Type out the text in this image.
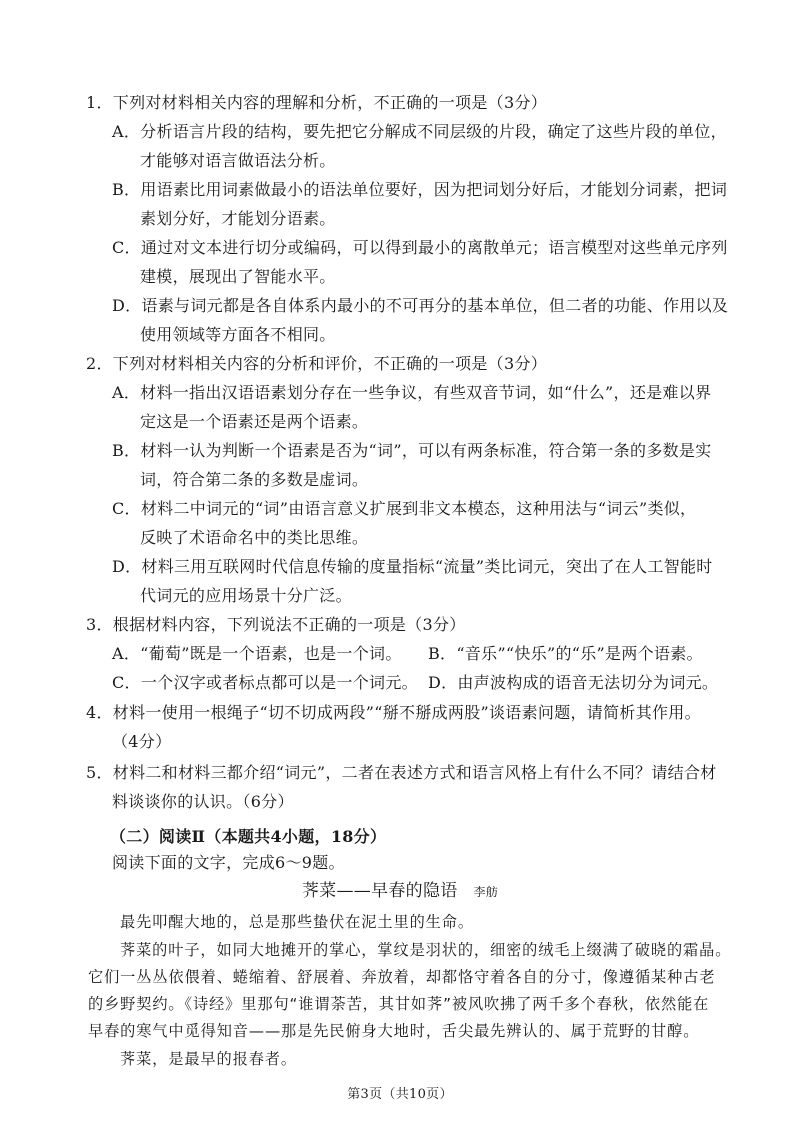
1．下列对材料相关内容的理解和分析，不正确的一项是（3分）
A．分析语言片段的结构，要先把它分解成不同层级的片段，确定了这些片段的单位，
才能够对语言做语法分析。
B．用语素比用词素做最小的语法单位要好，因为把词划分好后，才能划分词素，把词
素划分好，才能划分语素。
C．通过对文本进行切分或编码，可以得到最小的离散单元；语言模型对这些单元序列
建模，展现出了智能水平。
D．语素与词元都是各自体系内最小的不可再分的基本单位，但二者的功能、作用以及
使用领域等方面各不相同。
2．下列对材料相关内容的分析和评价，不正确的一项是（3分）
A．材料一指出汉语语素划分存在一些争议，有些双音节词，如“什么”，还是难以界
定这是一个语素还是两个语素。
B．材料一认为判断一个语素是否为“词”，可以有两条标准，符合第一条的多数是实
词，符合第二条的多数是虚词。
C．材料二中词元的“词”由语言意义扩展到非文本模态，这种用法与“词云”类似，
反映了术语命名中的类比思维。
D．材料三用互联网时代信息传输的度量指标“流量”类比词元，突出了在人工智能时
代词元的应用场景十分广泛。
3．根据材料内容，下列说法不正确的一项是（3分）
A．“葡萄”既是一个语素，也是一个词。 B．“音乐”“快乐”的“乐”是两个语素。
C．一个汉字或者标点都可以是一个词元。 D．由声波构成的语音无法切分为词元。
4．材料一使用一根绳子“切不切成两段”“掰不掰成两股”谈语素问题，请简析其作用。
（4分）
5．材料二和材料三都介绍“词元”，二者在表述方式和语言风格上有什么不同？请结合材
料谈谈你的认识。（6分）
（二）阅读Ⅱ（本题共4小题，18分）
阅读下面的文字，完成6～9题。
荠菜——早春的隐语 李舫
最先叩醒大地的，总是那些蛰伏在泥土里的生命。
荠菜的叶子，如同大地摊开的掌心，掌纹是羽状的，细密的绒毛上缀满了破晓的霜晶。
它们一丛丛依偎着、蜷缩着、舒展着、奔放着，却都恪守着各自的分寸，像遵循某种古老
的乡野契约。《诗经》里那句“谁谓荼苦，其甘如荠”被风吹拂了两千多个春秋，依然能在
早春的寒气中觅得知音——那是先民俯身大地时，舌尖最先辨认的、属于荒野的甘醇。
荠菜，是最早的报春者。
第3页（共10页）
